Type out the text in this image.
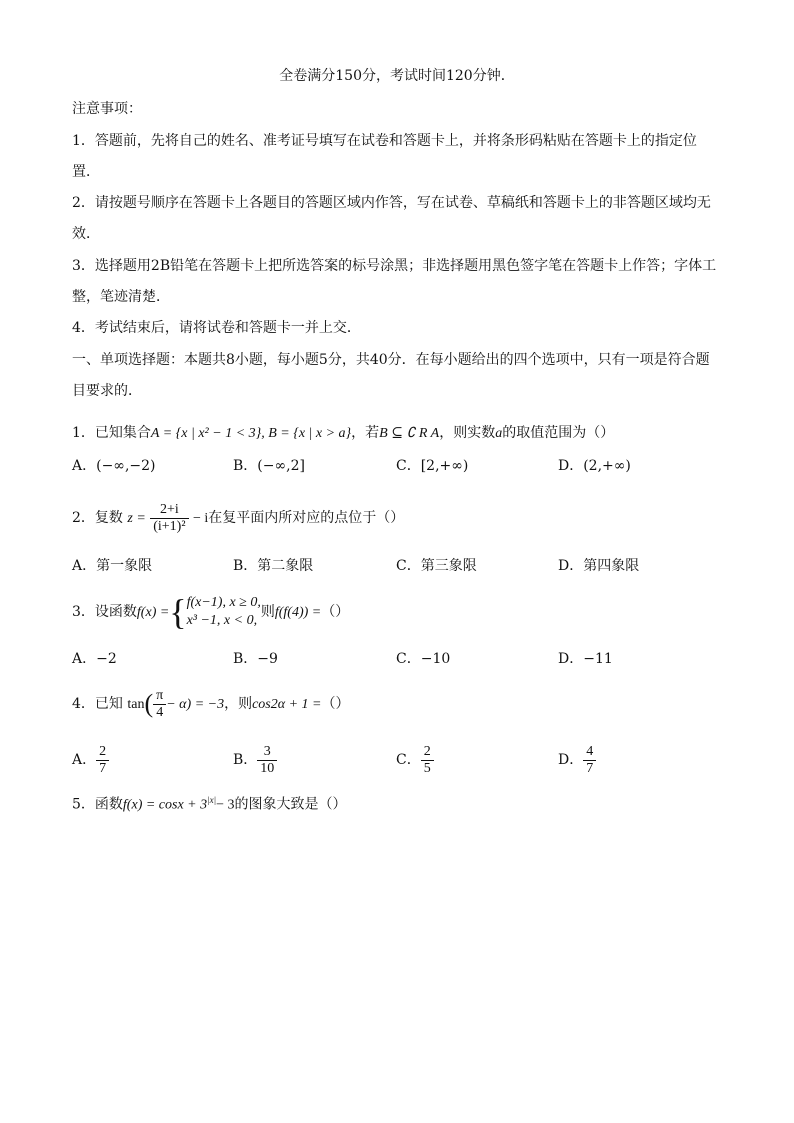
全卷满分150分，考试时间120分钟．
注意事项：
1．答题前，先将自己的姓名、准考证号填写在试卷和答题卡上，并将条形码粘贴在答题卡上的指定位
置．
2．请按题号顺序在答题卡上各题目的答题区域内作答，写在试卷、草稿纸和答题卡上的非答题区域均无
效．
3．选择题用2B铅笔在答题卡上把所选答案的标号涂黑；非选择题用黑色签字笔在答题卡上作答；字体工
整，笔迹清楚．
4．考试结束后，请将试卷和答题卡一并上交．
一、单项选择题：本题共8小题，每小题5分，共40分．在每小题给出的四个选项中，只有一项是符合题
目要求的．
1．已知集合A = {x | x² − 1 < 3}, B = {x | x > a}，若B ⊆ ∁ R A，则实数a的取值范围为（）
A．(−∞,−2)	B．(−∞,2]	C．[2,+∞)	D．(2,+∞)
2．复数 $z = \frac{2+i}{\text{(i+1)²}} - i$在复平面内所对应的点位于（）
A．第一象限	B．第二象限	C．第三象限	D．第四象限
3．设函数f(x) ={ f(x−1), x ≥ 0,
x³ −1, x < 0,
则f(f(4)) =（）
A．−2	B．−9	C．−10	D．−11
4．已知 $\tan( \frac{\pi}{4} - \alpha) = -3$，则cos2α + 1 =（）
A． $\frac{2}{7}$	B． $\frac{3}{10}$	C． $\frac{2}{5}$	D． $\frac{4}{7}$
5．函数$f(x) = \cos x + 3^{|x|}- 3$的图象大致是（）
